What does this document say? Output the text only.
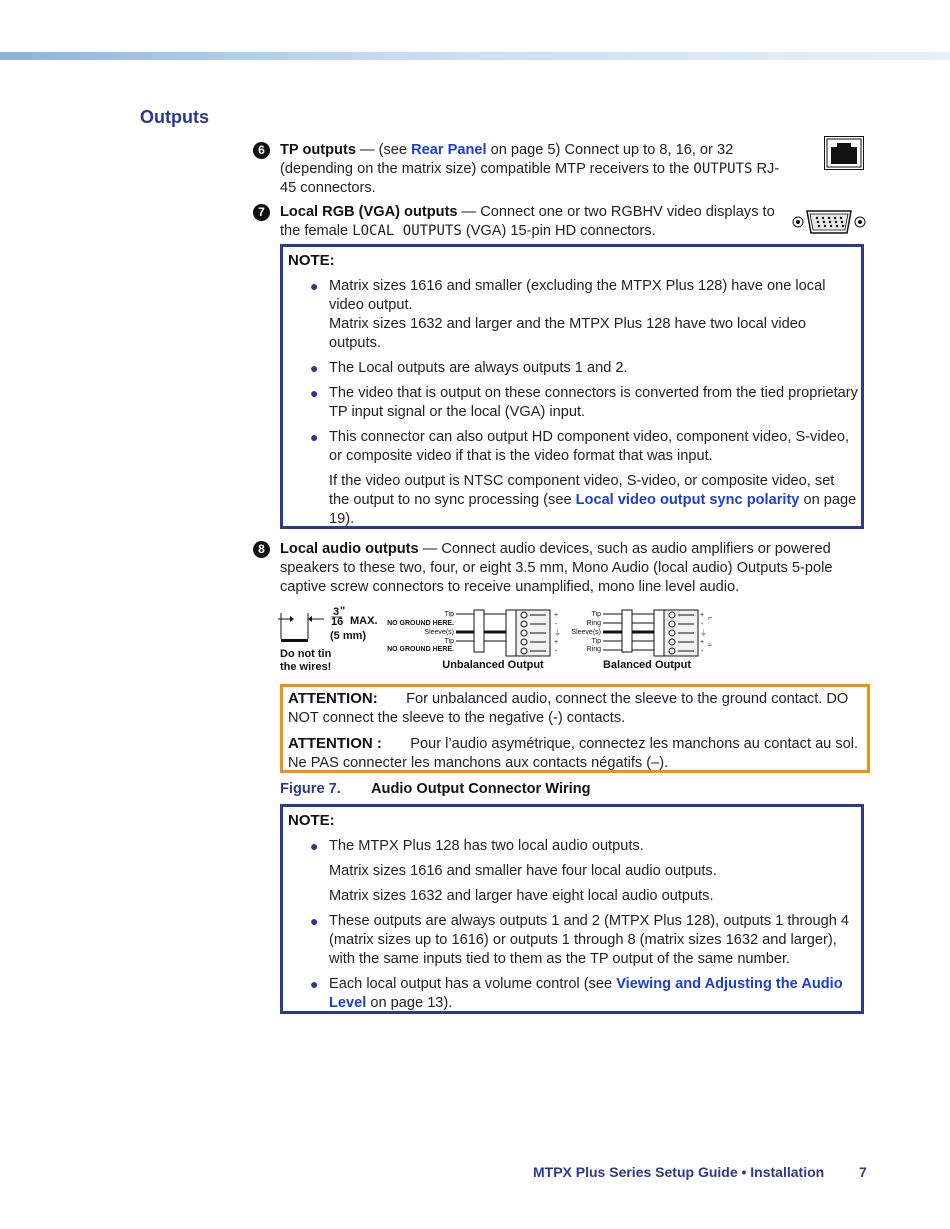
Outputs
6	TP outputs — (see Rear Panel on page 5) Connect up to 8, 16, or 32 (depending on the matrix size) compatible MTP receivers to the OUTPUTS RJ-45 connectors.
7	Local RGB (VGA) outputs — Connect one or two RGBHV video displays to the female LOCAL OUTPUTS (VGA) 15-pin HD connectors.
NOTE:
● Matrix sizes 1616 and smaller (excluding the MTPX Plus 128) have one local video output.
Matrix sizes 1632 and larger and the MTPX Plus 128 have two local video outputs.
● The Local outputs are always outputs 1 and 2.
● The video that is output on these connectors is converted from the tied proprietary TP input signal or the local (VGA) input.
● This connector can also output HD component video, component video, S-video, or composite video if that is the video format that was input.
If the video output is NTSC component video, S-video, or composite video, set the output to no sync processing (see Local video output sync polarity on page 19).
8	Local audio outputs — Connect audio devices, such as audio amplifiers or powered speakers to these two, four, or eight 3.5 mm, Mono Audio (local audio) Outputs 5-pole captive screw connectors to receive unamplified, mono line level audio.
3 "
16 MAX.
(5 mm)
Do not tin
the wires!
Tip
NO GROUND HERE.
Sleeve(s)
Tip
NO GROUND HERE.
+
-
⏚
+
-
Unbalanced Output
Tip
Ring
Sleeve(s)
Tip
Ring
+
-
⏚
+
-
⌐
≈
Balanced Output

ATTENTION: For unbalanced audio, connect the sleeve to the ground contact. DO NOT connect the sleeve to the negative (-) contacts.

ATTENTION : Pour l’audio asymétrique, connectez les manchons au contact au sol. Ne PAS connecter les manchons aux contacts négatifs (–).

Figure 7. Audio Output Connector Wiring
NOTE:
● The MTPX Plus 128 has two local audio outputs.
Matrix sizes 1616 and smaller have four local audio outputs.
Matrix sizes 1632 and larger have eight local audio outputs.
● These outputs are always outputs 1 and 2 (MTPX Plus 128), outputs 1 through 4 (matrix sizes up to 1616) or outputs 1 through 8 (matrix sizes 1632 and larger), with the same inputs tied to them as the TP output of the same number.
● Each local output has a volume control (see Viewing and Adjusting the Audio Level on page 13).
MTPX Plus Series Setup Guide • Installation 7
